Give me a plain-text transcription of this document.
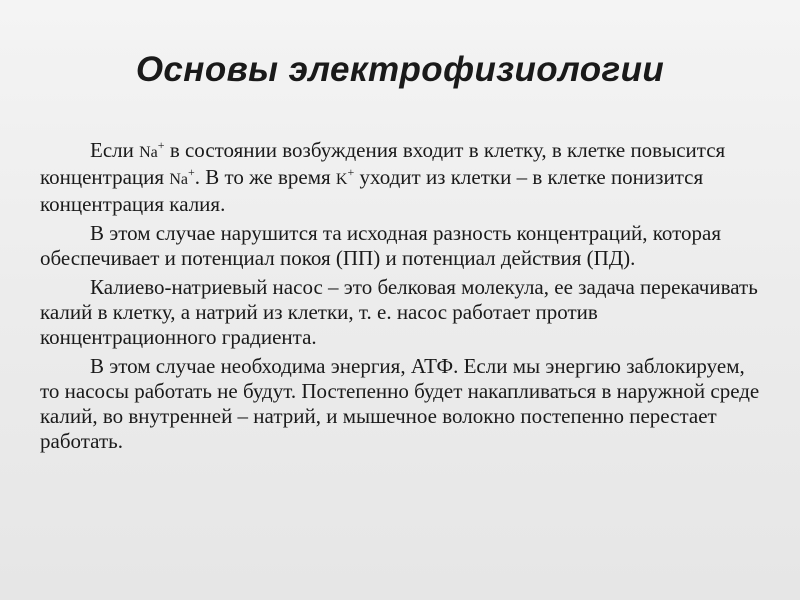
Основы электрофизиологии

Если Na+ в состоянии возбуждения входит в клетку, в клетке повысится концентрация Na+. В то же время K+ уходит из клетки – в клетке понизится концентрация калия.

В этом случае нарушится та исходная разность концентраций, которая обеспечивает и потенциал покоя (ПП) и потенциал действия (ПД).

Калиево-натриевый насос – это белковая молекула, ее задача перекачивать калий в клетку, а натрий из клетки, т. е. насос работает против концентрационного градиента.

В этом случае необходима энергия, АТФ. Если мы энергию заблокируем, то насосы работать не будут. Постепенно будет накапливаться в наружной среде калий, во внутренней – натрий, и мышечное волокно постепенно перестает работать.
